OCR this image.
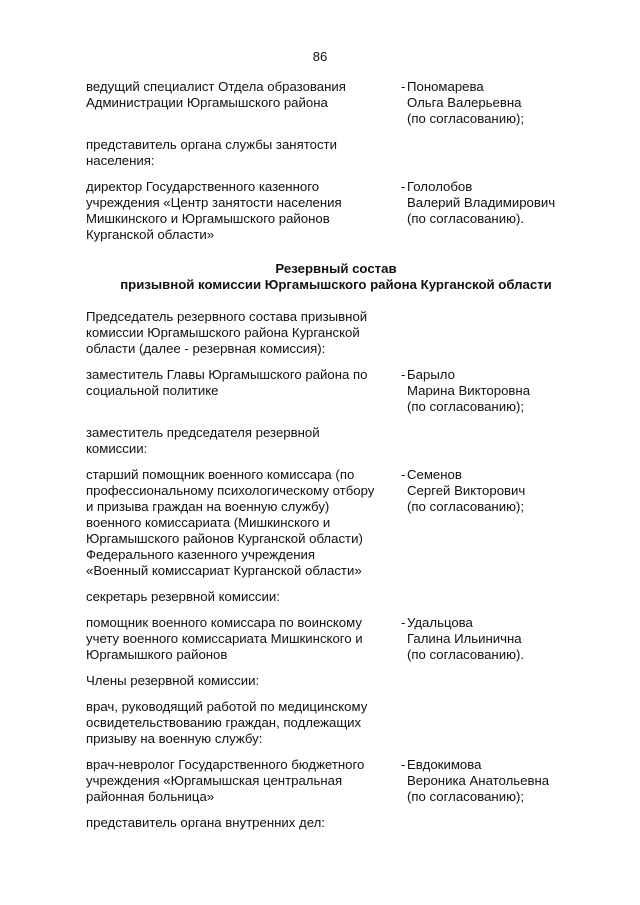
86
ведущий специалист Отдела образования
Администрации Юргамышского района
- Пономарева
Ольга Валерьевна
(по согласованию);
представитель органа службы занятости
населения:
директор Государственного казенного
учреждения «Центр занятости населения
Мишкинского и Юргамышского районов
Курганской области»
- Гололобов
Валерий Владимирович
(по согласованию).
Резервный состав
призывной комиссии Юргамышского района Курганской области
Председатель резервного состава призывной
комиссии Юргамышского района Курганской
области (далее - резервная комиссия):
заместитель Главы Юргамышского района по
социальной политике
- Барыло
Марина Викторовна
(по согласованию);
заместитель председателя резервной
комиссии:
старший помощник военного комиссара (по
профессиональному психологическому отбору
и призыва граждан на военную службу)
военного комиссариата (Мишкинского и
Юргамышского районов Курганской области)
Федерального казенного учреждения
«Военный комиссариат Курганской области»
- Семенов
Сергей Викторович
(по согласованию);
секретарь резервной комиссии:
помощник военного комиссара по воинскому
учету военного комиссариата Мишкинского и
Юргамышкого районов
- Удальцова
Галина Ильинична
(по согласованию).
Члены резервной комиссии:
врач, руководящий работой по медицинскому
освидетельствованию граждан, подлежащих
призыву на военную службу:
врач-невролог Государственного бюджетного
учреждения «Юргамышская центральная
районная больница»
- Евдокимова
Вероника Анатольевна
(по согласованию);
представитель органа внутренних дел:
